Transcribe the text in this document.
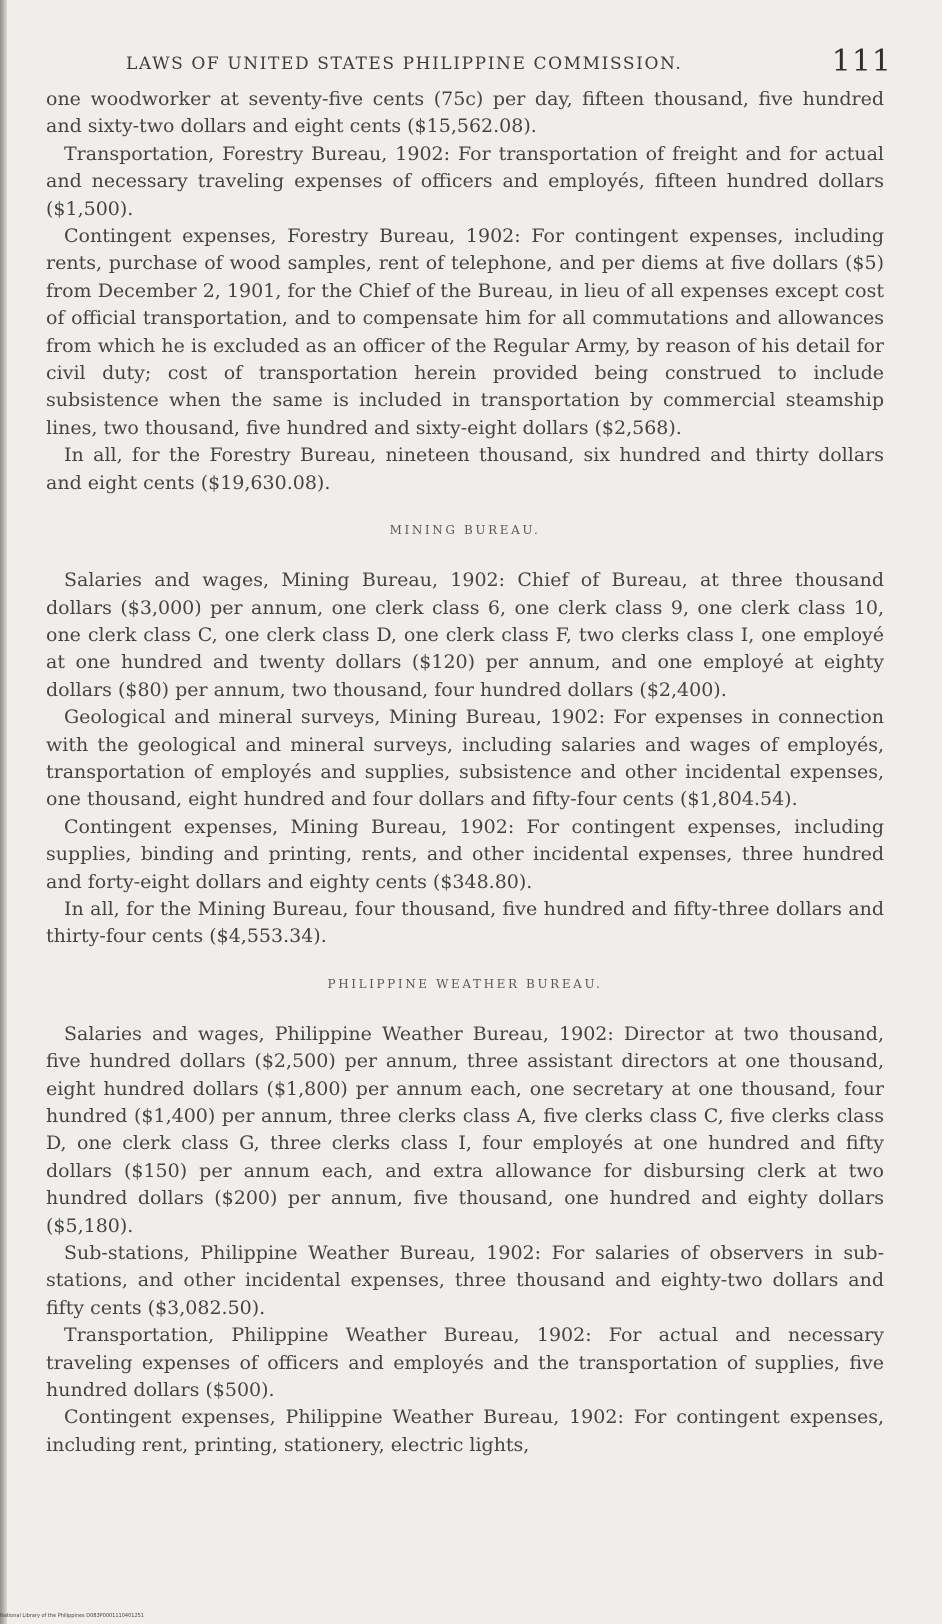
LAWS OF UNITED STATES PHILIPPINE COMMISSION.	111

one woodworker at seventy-five cents (75c) per day, fifteen thousand, five hundred and sixty-two dollars and eight cents ($15,562.08).

Transportation, Forestry Bureau, 1902: For transportation of freight and for actual and necessary traveling expenses of officers and employés, fifteen hundred dollars ($1,500).

Contingent expenses, Forestry Bureau, 1902: For contingent expenses, including rents, purchase of wood samples, rent of telephone, and per diems at five dollars ($5) from December 2, 1901, for the Chief of the Bureau, in lieu of all expenses except cost of official transportation, and to compensate him for all commutations and allowances from which he is excluded as an officer of the Regular Army, by reason of his detail for civil duty; cost of transportation herein provided being construed to include subsistence when the same is included in transportation by commercial steamship lines, two thousand, five hundred and sixty-eight dollars ($2,568).

In all, for the Forestry Bureau, nineteen thousand, six hundred and thirty dollars and eight cents ($19,630.08).

MINING BUREAU.

Salaries and wages, Mining Bureau, 1902: Chief of Bureau, at three thousand dollars ($3,000) per annum, one clerk class 6, one clerk class 9, one clerk class 10, one clerk class C, one clerk class D, one clerk class F, two clerks class I, one employé at one hundred and twenty dollars ($120) per annum, and one employé at eighty dollars ($80) per annum, two thousand, four hundred dollars ($2,400).

Geological and mineral surveys, Mining Bureau, 1902: For expenses in connection with the geological and mineral surveys, including salaries and wages of employés, transportation of employés and supplies, subsistence and other incidental expenses, one thousand, eight hundred and four dollars and fifty-four cents ($1,804.54).

Contingent expenses, Mining Bureau, 1902: For contingent expenses, including supplies, binding and printing, rents, and other incidental expenses, three hundred and forty-eight dollars and eighty cents ($348.80).

In all, for the Mining Bureau, four thousand, five hundred and fifty-three dollars and thirty-four cents ($4,553.34).

PHILIPPINE WEATHER BUREAU.

Salaries and wages, Philippine Weather Bureau, 1902: Director at two thousand, five hundred dollars ($2,500) per annum, three assistant directors at one thousand, eight hundred dollars ($1,800) per annum each, one secretary at one thousand, four hundred ($1,400) per annum, three clerks class A, five clerks class C, five clerks class D, one clerk class G, three clerks class I, four employés at one hundred and fifty dollars ($150) per annum each, and extra allowance for disbursing clerk at two hundred dollars ($200) per annum, five thousand, one hundred and eighty dollars ($5,180).

Sub-stations, Philippine Weather Bureau, 1902: For salaries of observers in sub-stations, and other incidental expenses, three thousand and eighty-two dollars and fifty cents ($3,082.50).

Transportation, Philippine Weather Bureau, 1902: For actual and necessary traveling expenses of officers and employés and the transportation of supplies, five hundred dollars ($500).

Contingent expenses, Philippine Weather Bureau, 1902: For contingent expenses, including rent, printing, stationery, electric lights,

National Library of the Philippines D083P0001110401251
